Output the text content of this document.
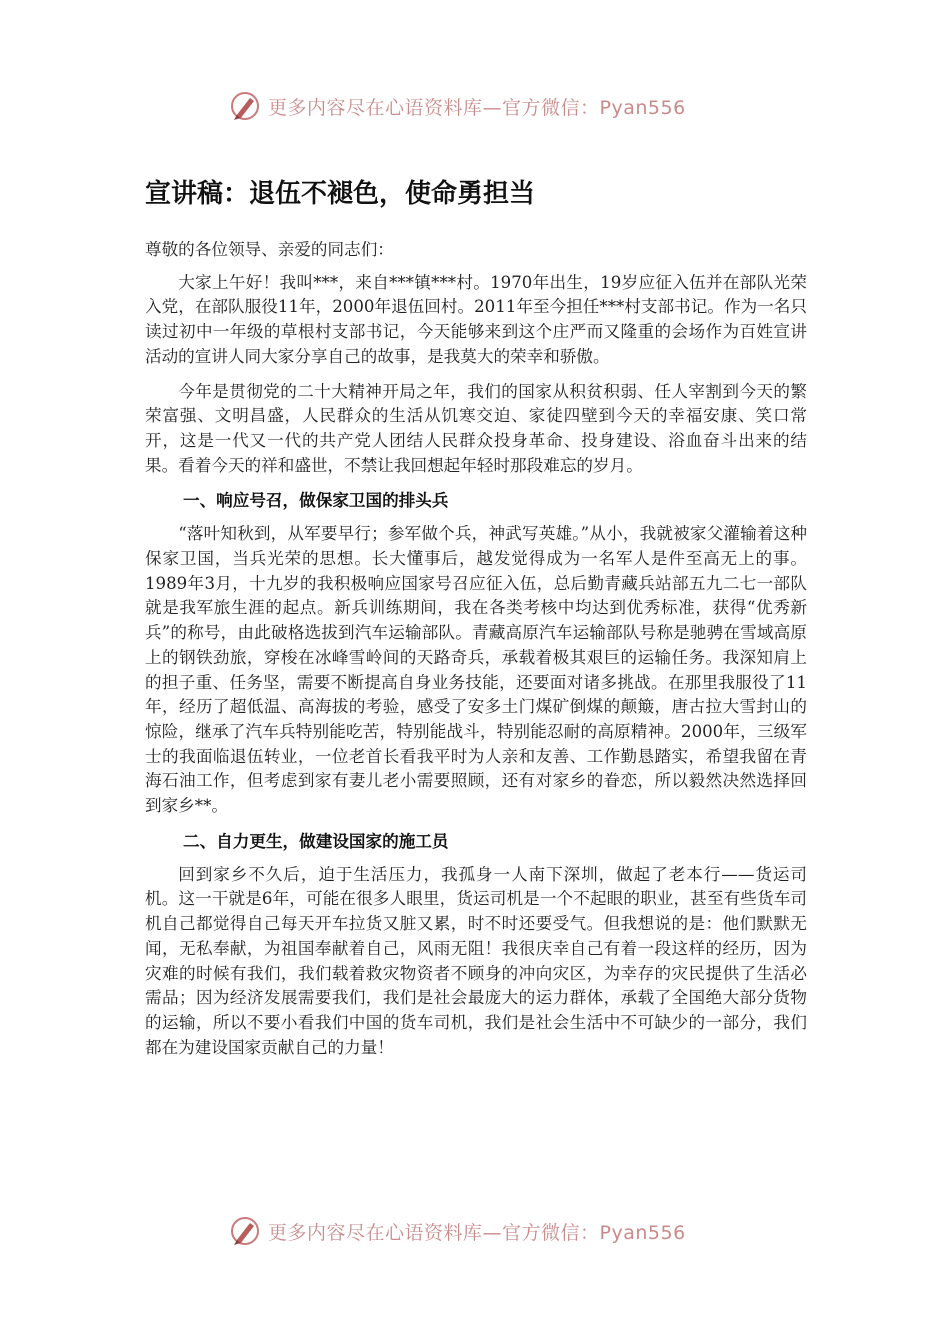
更多内容尽在心语资料库—官方微信：Pyan556
宣讲稿：退伍不褪色，使命勇担当

尊敬的各位领导、亲爱的同志们：

大家上午好！我叫***，来自***镇***村。1970年出生，19岁应征入伍并在部队光荣入党，在部队服役11年，2000年退伍回村。2011年至今担任***村支部书记。作为一名只读过初中一年级的草根村支部书记，今天能够来到这个庄严而又隆重的会场作为百姓宣讲活动的宣讲人同大家分享自己的故事，是我莫大的荣幸和骄傲。

今年是贯彻党的二十大精神开局之年，我们的国家从积贫积弱、任人宰割到今天的繁荣富强、文明昌盛，人民群众的生活从饥寒交迫、家徒四壁到今天的幸福安康、笑口常开，这是一代又一代的共产党人团结人民群众投身革命、投身建设、浴血奋斗出来的结果。看着今天的祥和盛世，不禁让我回想起年轻时那段难忘的岁月。

一、响应号召，做保家卫国的排头兵

“落叶知秋到，从军要早行；参军做个兵，神武写英雄。”从小，我就被家父灌输着这种保家卫国，当兵光荣的思想。长大懂事后，越发觉得成为一名军人是件至高无上的事。1989年3月，十九岁的我积极响应国家号召应征入伍，总后勤青藏兵站部五九二七一部队就是我军旅生涯的起点。新兵训练期间，我在各类考核中均达到优秀标准，获得“优秀新兵”的称号，由此破格选拔到汽车运输部队。青藏高原汽车运输部队号称是驰骋在雪域高原上的钢铁劲旅，穿梭在冰峰雪岭间的天路奇兵，承载着极其艰巨的运输任务。我深知肩上的担子重、任务坚，需要不断提高自身业务技能，还要面对诸多挑战。在那里我服役了11年，经历了超低温、高海拔的考验，感受了安多土门煤矿倒煤的颠簸，唐古拉大雪封山的惊险，继承了汽车兵特别能吃苦，特别能战斗，特别能忍耐的高原精神。2000年，三级军士的我面临退伍转业，一位老首长看我平时为人亲和友善、工作勤恳踏实，希望我留在青海石油工作，但考虑到家有妻儿老小需要照顾，还有对家乡的眷恋，所以毅然决然选择回到家乡**。

二、自力更生，做建设国家的施工员

回到家乡不久后，迫于生活压力，我孤身一人南下深圳，做起了老本行——货运司机。这一干就是6年，可能在很多人眼里，货运司机是一个不起眼的职业，甚至有些货车司机自己都觉得自己每天开车拉货又脏又累，时不时还要受气。但我想说的是：他们默默无闻，无私奉献，为祖国奉献着自己，风雨无阻！我很庆幸自己有着一段这样的经历，因为灾难的时候有我们，我们载着救灾物资者不顾身的冲向灾区，为幸存的灾民提供了生活必需品；因为经济发展需要我们，我们是社会最庞大的运力群体，承载了全国绝大部分货物的运输，所以不要小看我们中国的货车司机，我们是社会生活中不可缺少的一部分，我们都在为建设国家贡献自己的力量！

更多内容尽在心语资料库—官方微信：Pyan556
